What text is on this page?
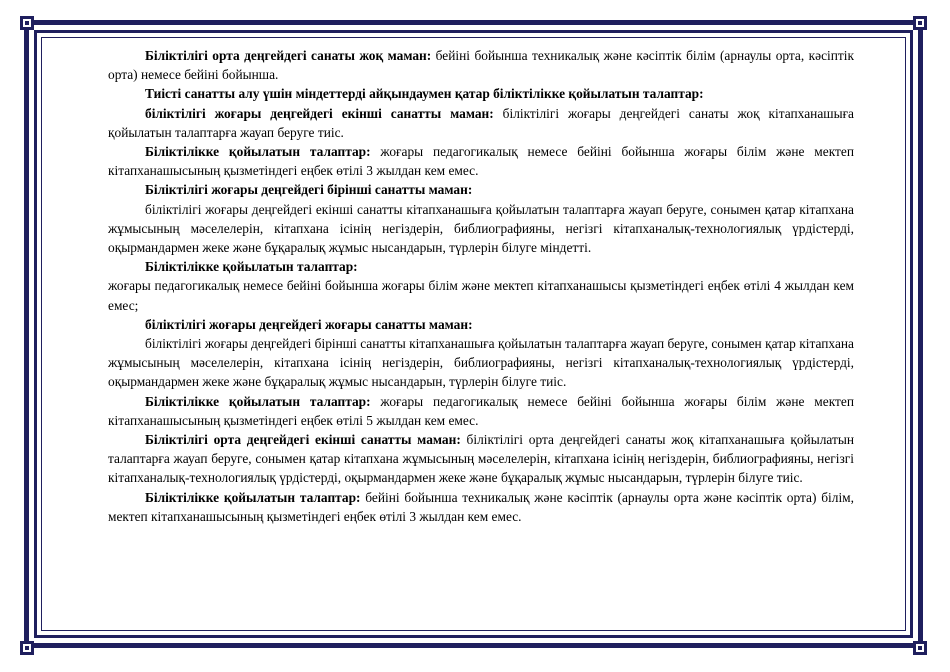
Біліктілігі орта деңгейдегі санаты жоқ маман: бейіні бойынша техникалық және кәсіптік білім (арнаулы орта, кәсіптік орта) немесе бейіні бойынша.

Тиісті санатты алу үшін міндеттерді айқындаумен қатар біліктілікке қойылатын талаптар:

біліктілігі жоғары деңгейдегі екінші санатты маман: біліктілігі жоғары деңгейдегі санаты жоқ кітапханашыға қойылатын талаптарға жауап беруге тиіс.

Біліктілікке қойылатын талаптар: жоғары педагогикалық немесе бейіні бойынша жоғары білім және мектеп кітапханашысының қызметіндегі еңбек өтілі 3 жылдан кем емес.

Біліктілігі жоғары деңгейдегі бірінші санатты маман:

біліктілігі жоғары деңгейдегі екінші санатты кітапханашыға қойылатын талаптарға жауап беруге, сонымен қатар кітапхана жұмысының мәселелерін, кітапхана ісінің негіздерін, библиографияны, негізгі кітапханалық-технологиялық үрдістерді, оқырмандармен жеке және бұқаралық жұмыс нысандарын, түрлерін білуге міндетті.

Біліктілікке қойылатын талаптар:

жоғары педагогикалық немесе бейіні бойынша жоғары білім және мектеп кітапханашысы қызметіндегі еңбек өтілі 4 жылдан кем емес;

біліктілігі жоғары деңгейдегі жоғары санатты маман:

біліктілігі жоғары деңгейдегі бірінші санатты кітапханашыға қойылатын талаптарға жауап беруге, сонымен қатар кітапхана жұмысының мәселелерін, кітапхана ісінің негіздерін, библиографияны, негізгі кітапханалық-технологиялық үрдістерді, оқырмандармен жеке және бұқаралық жұмыс нысандарын, түрлерін білуге тиіс.

Біліктілікке қойылатын талаптар: жоғары педагогикалық немесе бейіні бойынша жоғары білім және мектеп кітапханашысының қызметіндегі еңбек өтілі 5 жылдан кем емес.

Біліктілігі орта деңгейдегі екінші санатты маман: біліктілігі орта деңгейдегі санаты жоқ кітапханашыға қойылатын талаптарға жауап беруге, сонымен қатар кітапхана жұмысының мәселелерін, кітапхана ісінің негіздерін, библиографияны, негізгі кітапханалық-технологиялық үрдістерді, оқырмандармен жеке және бұқаралық жұмыс нысандарын, түрлерін білуге тиіс.

Біліктілікке қойылатын талаптар: бейіні бойынша техникалық және кәсіптік (арнаулы орта және кәсіптік орта) білім, мектеп кітапханашысының қызметіндегі еңбек өтілі 3 жылдан кем емес.
